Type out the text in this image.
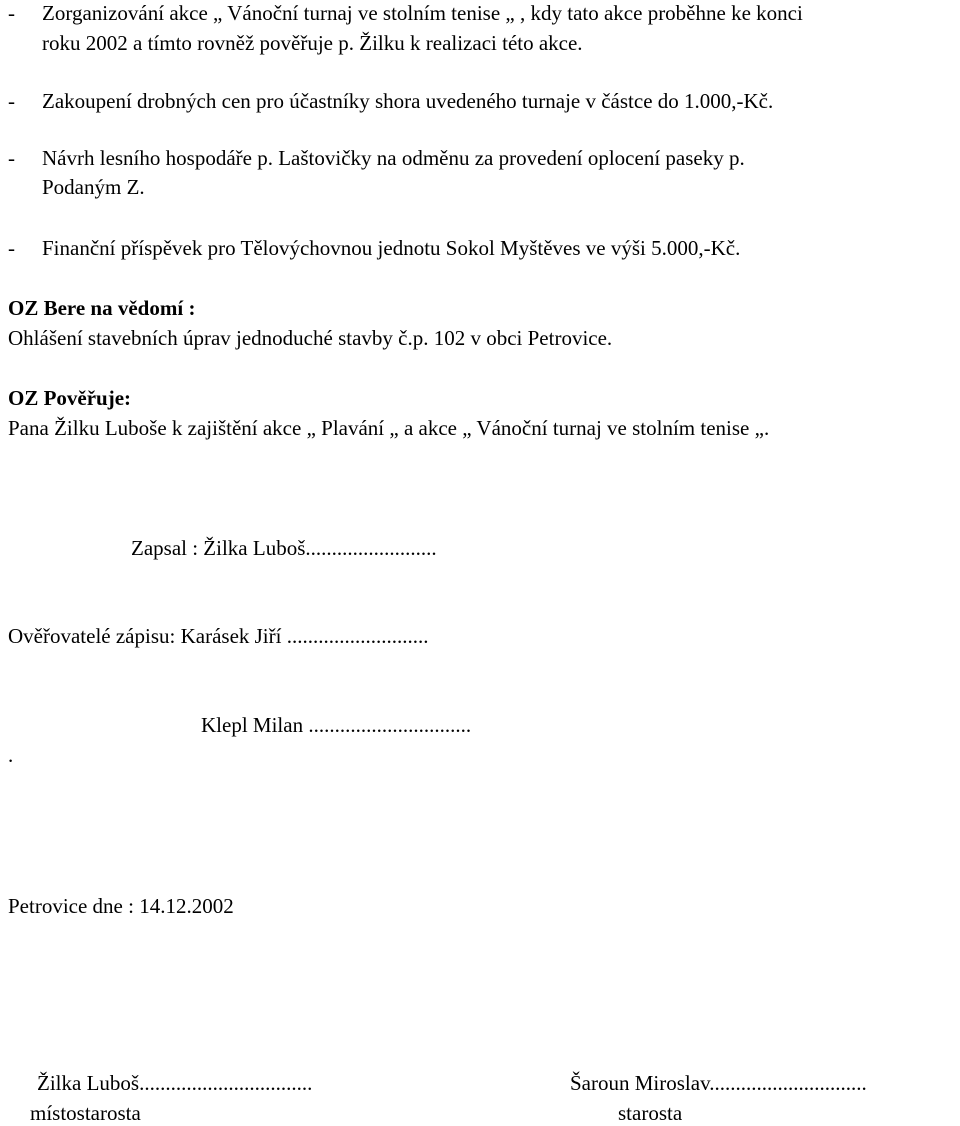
- Zorganizování akce „ Vánoční turnaj ve stolním tenise „ , kdy tato akce proběhne ke konci
roku 2002 a tímto rovněž pověřuje p. Žilku k realizaci této akce.
- Zakoupení drobných cen pro účastníky shora uvedeného turnaje v částce do 1.000,-Kč.
- Návrh lesního hospodáře p. Laštovičky na odměnu za provedení oplocení paseky p.
Podaným Z.
- Finanční příspěvek pro Tělovýchovnou jednotu Sokol Myštěves ve výši 5.000,-Kč.
OZ Bere na vědomí :
Ohlášení stavebních úprav jednoduché stavby č.p. 102 v obci Petrovice.
OZ Pověřuje:
Pana Žilku Luboše k zajištění akce „ Plavání „ a akce „ Vánoční turnaj ve stolním tenise „.
Zapsal : Žilka Luboš.........................
Ověřovatelé zápisu: Karásek Jiří ...........................
Klepl Milan ...............................
.
Petrovice dne : 14.12.2002
Žilka Luboš.................................
místostarosta
Šaroun Miroslav..............................
starosta
